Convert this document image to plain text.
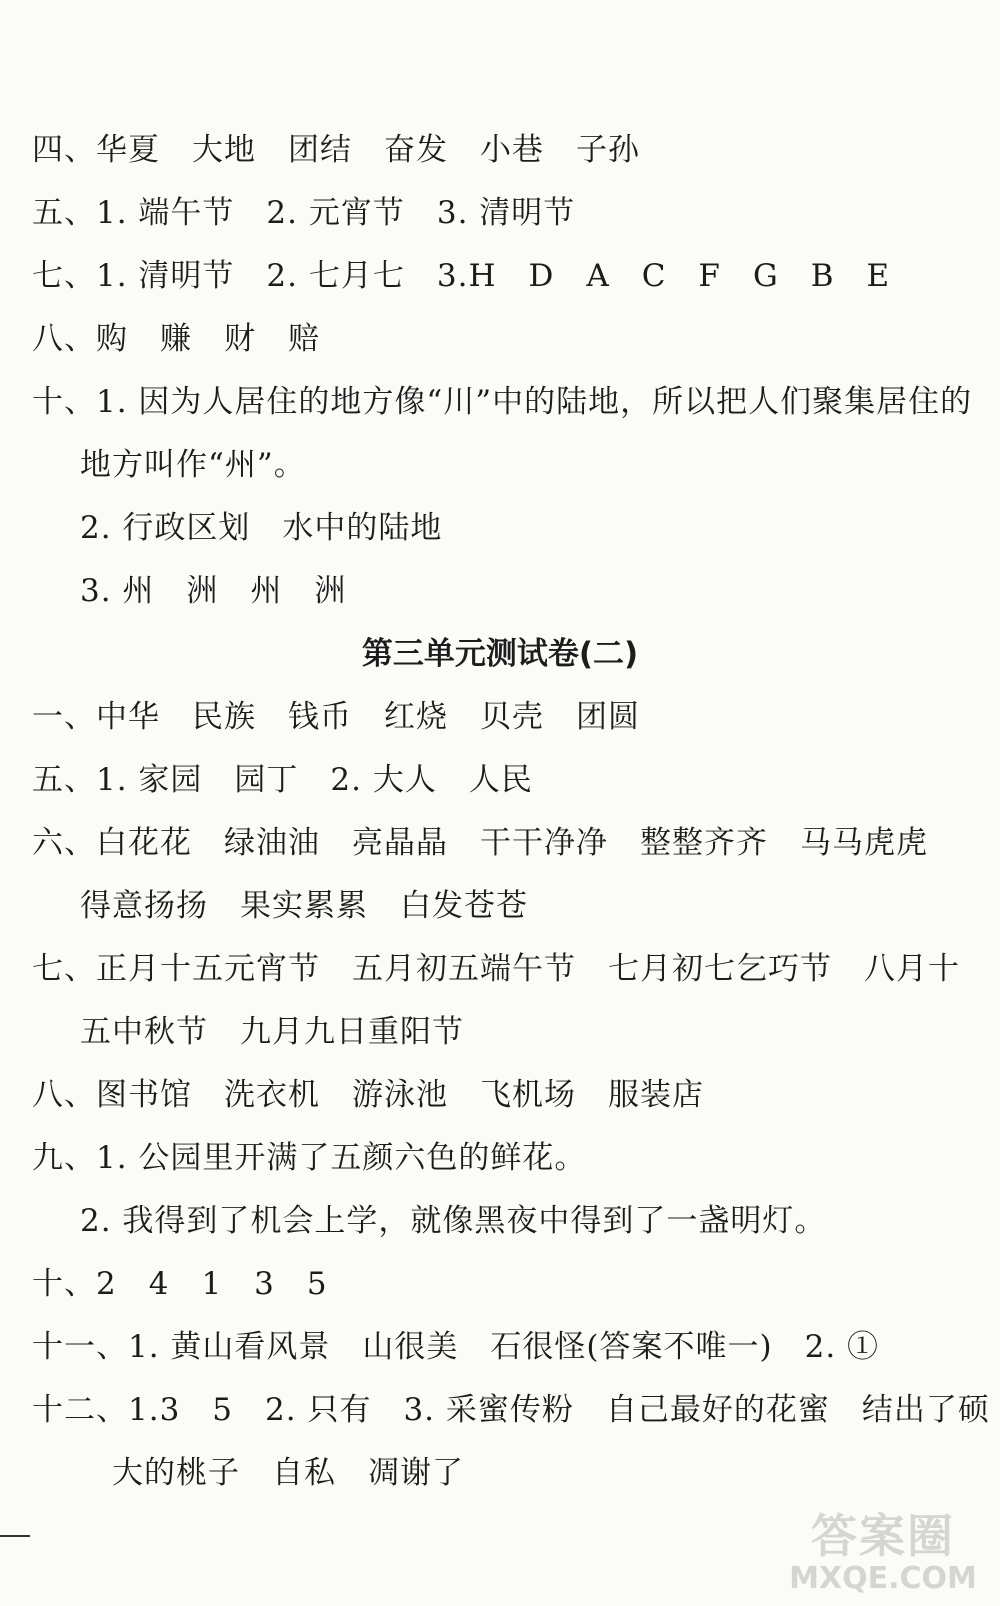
四、华夏　大地　团结　奋发　小巷　子孙
五、1. 端午节　2. 元宵节　3. 清明节
七、1. 清明节　2. 七月七　3.H　D　A　C　F　G　B　E
八、购　赚　财　赔
十、1. 因为人居住的地方像“川”中的陆地，所以把人们聚集居住的
地方叫作“州”。
2. 行政区划　水中的陆地
3. 州　洲　州　洲
第三单元测试卷(二)
一、中华　民族　钱币　红烧　贝壳　团圆
五、1. 家园　园丁　2. 大人　人民
六、白花花　绿油油　亮晶晶　干干净净　整整齐齐　马马虎虎
得意扬扬　果实累累　白发苍苍
七、正月十五元宵节　五月初五端午节　七月初七乞巧节　八月十
五中秋节　九月九日重阳节
八、图书馆　洗衣机　游泳池　飞机场　服装店
九、1. 公园里开满了五颜六色的鲜花。
2. 我得到了机会上学，就像黑夜中得到了一盏明灯。
十、2　4　1　3　5
十一、1. 黄山看风景　山很美　石很怪(答案不唯一)　2. ①
十二、1.3　5　2. 只有　3. 采蜜传粉　自己最好的花蜜　结出了硕
大的桃子　自私　凋谢了
答案圈
MXQE.COM
